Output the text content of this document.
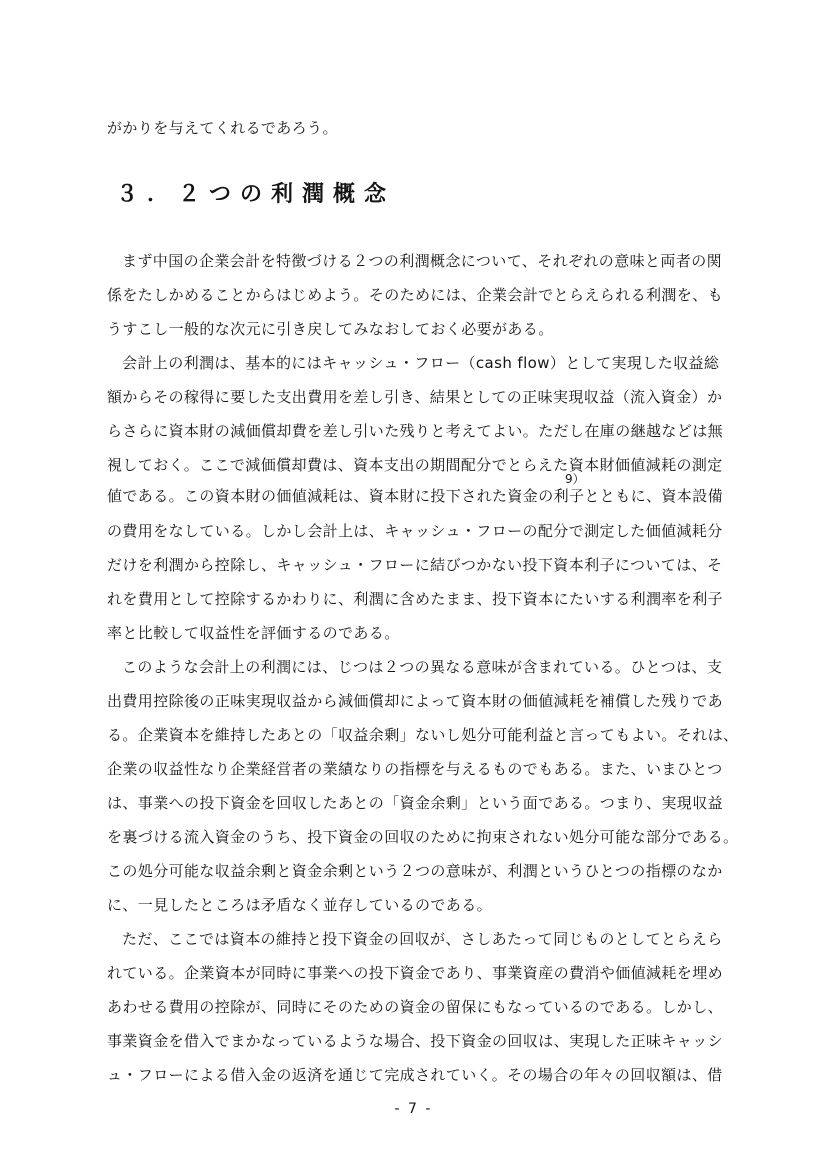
がかりを与えてくれるであろう。
３．２つの利潤概念
まず中国の企業会計を特徴づける２つの利潤概念について、それぞれの意味と両者の関
係をたしかめることからはじめよう。そのためには、企業会計でとらえられる利潤を、も
うすこし一般的な次元に引き戻してみなおしておく必要がある。
会計上の利潤は、基本的にはキャッシュ・フロー（cash flow）として実現した収益総
額からその稼得に要した支出費用を差し引き、結果としての正味実現収益（流入資金）か
らさらに資本財の減価償却費を差し引いた残りと考えてよい。ただし在庫の継越などは無
視しておく。ここで減価償却費は、資本支出の期間配分でとらえた資本財価値減耗の測定
9）
値である。この資本財の価値減耗は、資本財に投下された資金の利子とともに、資本設備
の費用をなしている。しかし会計上は、キャッシュ・フローの配分で測定した価値減耗分
だけを利潤から控除し、キャッシュ・フローに結びつかない投下資本利子については、そ
れを費用として控除するかわりに、利潤に含めたまま、投下資本にたいする利潤率を利子
率と比較して収益性を評価するのである。
このような会計上の利潤には、じつは２つの異なる意味が含まれている。ひとつは、支
出費用控除後の正味実現収益から減価償却によって資本財の価値減耗を補償した残りであ
る。企業資本を維持したあとの「収益余剰」ないし処分可能利益と言ってもよい。それは、
企業の収益性なり企業経営者の業績なりの指標を与えるものでもある。また、いまひとつ
は、事業への投下資金を回収したあとの「資金余剰」という面である。つまり、実現収益
を裏づける流入資金のうち、投下資金の回収のために拘束されない処分可能な部分である。
この処分可能な収益余剰と資金余剰という２つの意味が、利潤というひとつの指標のなか
に、一見したところは矛盾なく並存しているのである。
ただ、ここでは資本の維持と投下資金の回収が、さしあたって同じものとしてとらえら
れている。企業資本が同時に事業への投下資金であり、事業資産の費消や価値減耗を埋め
あわせる費用の控除が、同時にそのための資金の留保にもなっているのである。しかし、
事業資金を借入でまかなっているような場合、投下資金の回収は、実現した正味キャッシ
ュ・フローによる借入金の返済を通じて完成されていく。その場合の年々の回収額は、借
- 7 -
